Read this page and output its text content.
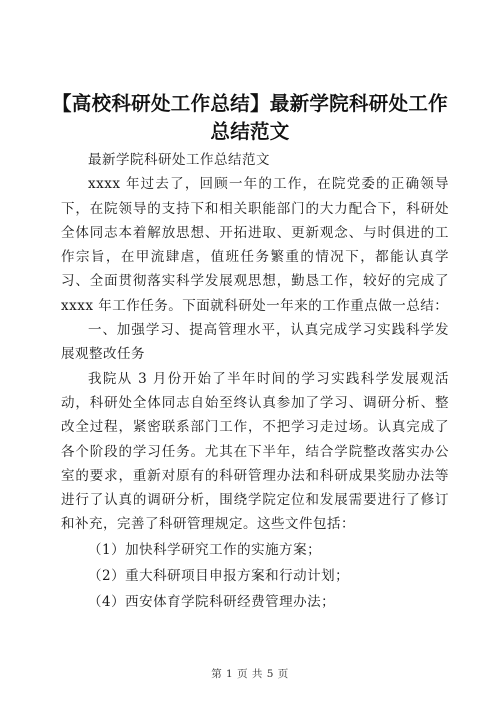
【高校科研处工作总结】最新学院科研处工作
总结范文

最新学院科研处工作总结范文

xxxx 年过去了，回顾一年的工作，在院党委的正确领导下，在院领导的支持下和相关职能部门的大力配合下，科研处全体同志本着解放思想、开拓进取、更新观念、与时俱进的工作宗旨，在甲流肆虐，值班任务繁重的情况下，都能认真学习、全面贯彻落实科学发展观思想，勤恳工作，较好的完成了 xxxx 年工作任务。下面就科研处一年来的工作重点做一总结：

一、加强学习、提高管理水平，认真完成学习实践科学发展观整改任务

我院从 3 月份开始了半年时间的学习实践科学发展观活动，科研处全体同志自始至终认真参加了学习、调研分析、整改全过程，紧密联系部门工作，不把学习走过场。认真完成了各个阶段的学习任务。尤其在下半年，结合学院整改落实办公室的要求，重新对原有的科研管理办法和科研成果奖励办法等进行了认真的调研分析，围绕学院定位和发展需要进行了修订和补充，完善了科研管理规定。这些文件包括：

（1）加快科学研究工作的实施方案；

（2）重大科研项目申报方案和行动计划；

（4）西安体育学院科研经费管理办法；

第 1 页 共 5 页
